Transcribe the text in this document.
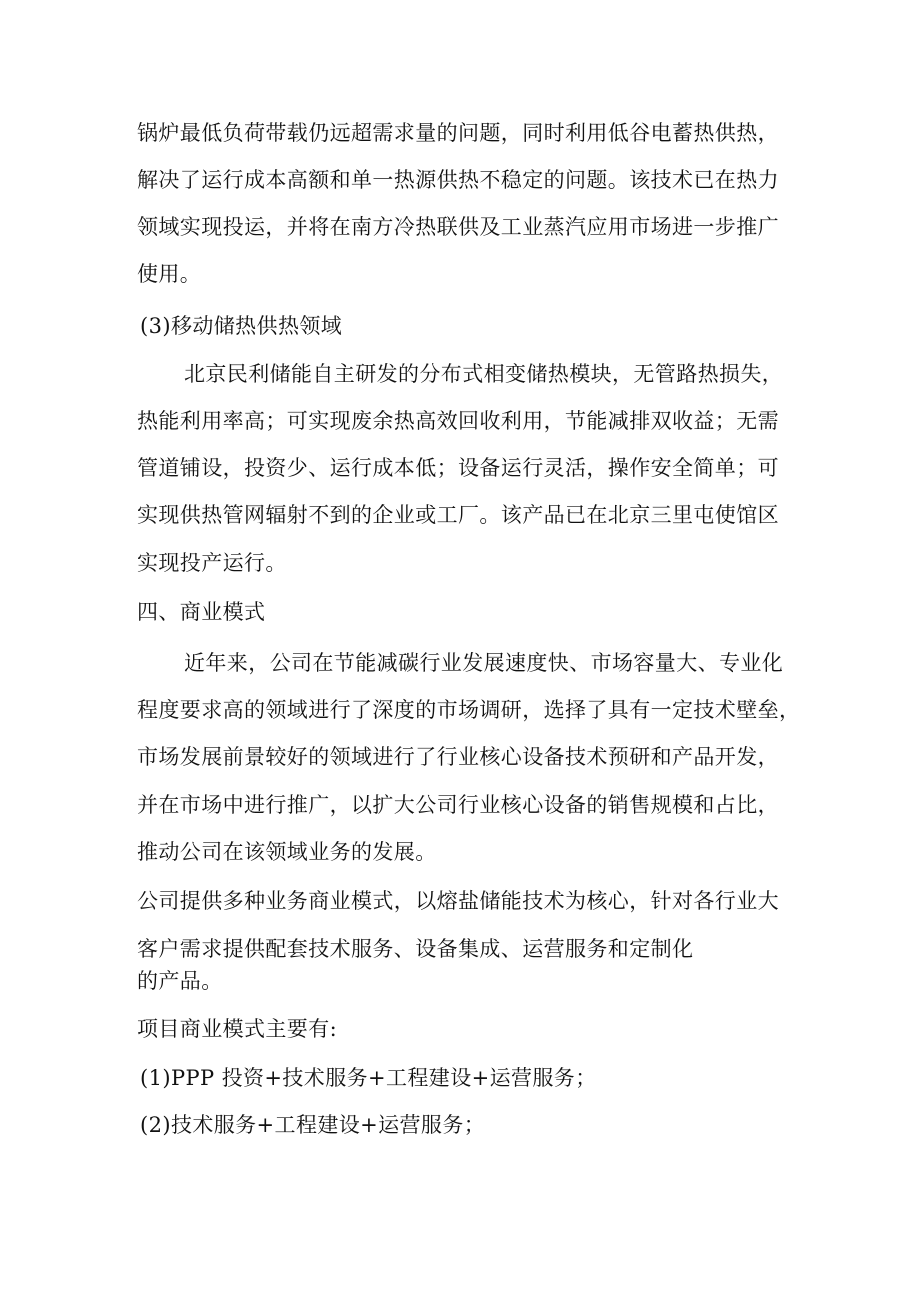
锅炉最低负荷带载仍远超需求量的问题，同时利用低谷电蓄热供热，
解决了运行成本高额和单一热源供热不稳定的问题。该技术已在热力
领域实现投运，并将在南方冷热联供及工业蒸汽应用市场进一步推广
使用。
(3)移动储热供热领域
北京民利储能自主研发的分布式相变储热模块，无管路热损失，
热能利用率高；可实现废余热高效回收利用，节能减排双收益；无需
管道铺设，投资少、运行成本低；设备运行灵活，操作安全简单；可
实现供热管网辐射不到的企业或工厂。该产品已在北京三里屯使馆区
实现投产运行。
四、商业模式
近年来，公司在节能减碳行业发展速度快、市场容量大、专业化
程度要求高的领域进行了深度的市场调研，选择了具有一定技术壁垒，
市场发展前景较好的领域进行了行业核心设备技术预研和产品开发，
并在市场中进行推广，以扩大公司行业核心设备的销售规模和占比，
推动公司在该领域业务的发展。
公司提供多种业务商业模式，以熔盐储能技术为核心，针对各行业大
客户需求提供配套技术服务、设备集成、运营服务和定制化
的产品。
项目商业模式主要有:
(1)PPP 投资+技术服务+工程建设+运营服务；
(2)技术服务+工程建设+运营服务；
